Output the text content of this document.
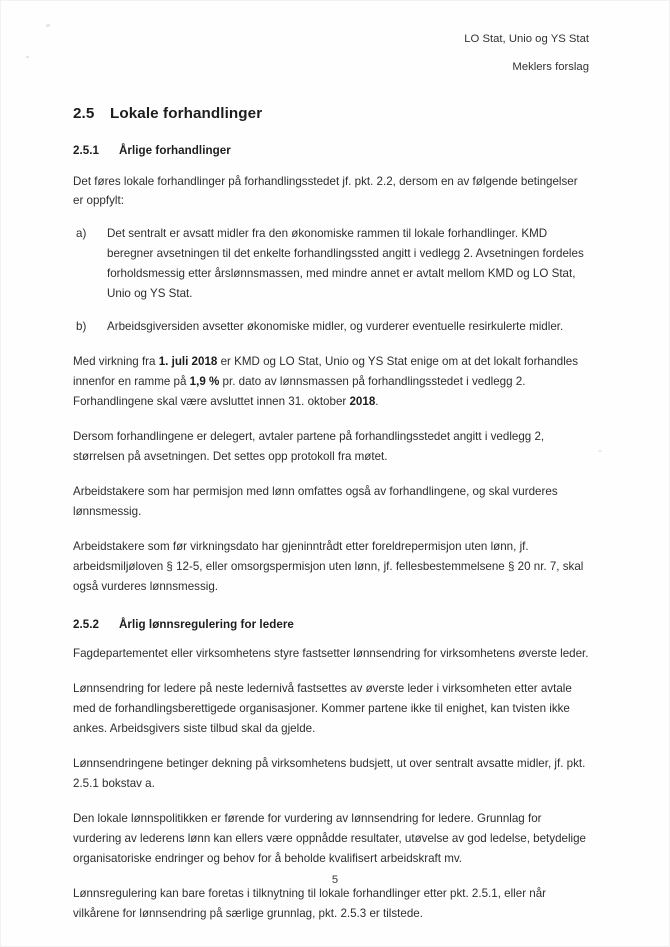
LO Stat, Unio og YS Stat
Meklers forslag
2.5 Lokale forhandlinger
2.5.1 Årlige forhandlinger

Det føres lokale forhandlinger på forhandlingsstedet jf. pkt. 2.2, dersom en av følgende betingelser er oppfylt:

a)	Det sentralt er avsatt midler fra den økonomiske rammen til lokale forhandlinger. KMD beregner avsetningen til det enkelte forhandlingssted angitt i vedlegg 2. Avsetningen fordeles forholdsmessig etter årslønnsmassen, med mindre annet er avtalt mellom KMD og LO Stat, Unio og YS Stat.
b)	Arbeidsgiversiden avsetter økonomiske midler, og vurderer eventuelle resirkulerte midler.

Med virkning fra 1. juli 2018 er KMD og LO Stat, Unio og YS Stat enige om at det lokalt forhandles innenfor en ramme på 1,9 % pr. dato av lønnsmassen på forhandlingsstedet i vedlegg 2. Forhandlingene skal være avsluttet innen 31. oktober 2018.

Dersom forhandlingene er delegert, avtaler partene på forhandlingsstedet angitt i vedlegg 2, størrelsen på avsetningen. Det settes opp protokoll fra møtet.

Arbeidstakere som har permisjon med lønn omfattes også av forhandlingene, og skal vurderes lønnsmessig.

Arbeidstakere som før virkningsdato har gjeninntrådt etter foreldrepermisjon uten lønn, jf. arbeidsmiljøloven § 12-5, eller omsorgspermisjon uten lønn, jf. fellesbestemmelsene § 20 nr. 7, skal også vurderes lønnsmessig.

2.5.2 Årlig lønnsregulering for ledere

Fagdepartementet eller virksomhetens styre fastsetter lønnsendring for virksomhetens øverste leder.

Lønnsendring for ledere på neste ledernivå fastsettes av øverste leder i virksomheten etter avtale med de forhandlingsberettigede organisasjoner. Kommer partene ikke til enighet, kan tvisten ikke ankes. Arbeidsgivers siste tilbud skal da gjelde.

Lønnsendringene betinger dekning på virksomhetens budsjett, ut over sentralt avsatte midler, jf. pkt. 2.5.1 bokstav a.

Den lokale lønnspolitikken er førende for vurdering av lønnsendring for ledere. Grunnlag for vurdering av lederens lønn kan ellers være oppnådde resultater, utøvelse av god ledelse, betydelige organisatoriske endringer og behov for å beholde kvalifisert arbeidskraft mv.

Lønnsregulering kan bare foretas i tilknytning til lokale forhandlinger etter pkt. 2.5.1, eller når vilkårene for lønnsendring på særlige grunnlag, pkt. 2.5.3 er tilstede.

5
